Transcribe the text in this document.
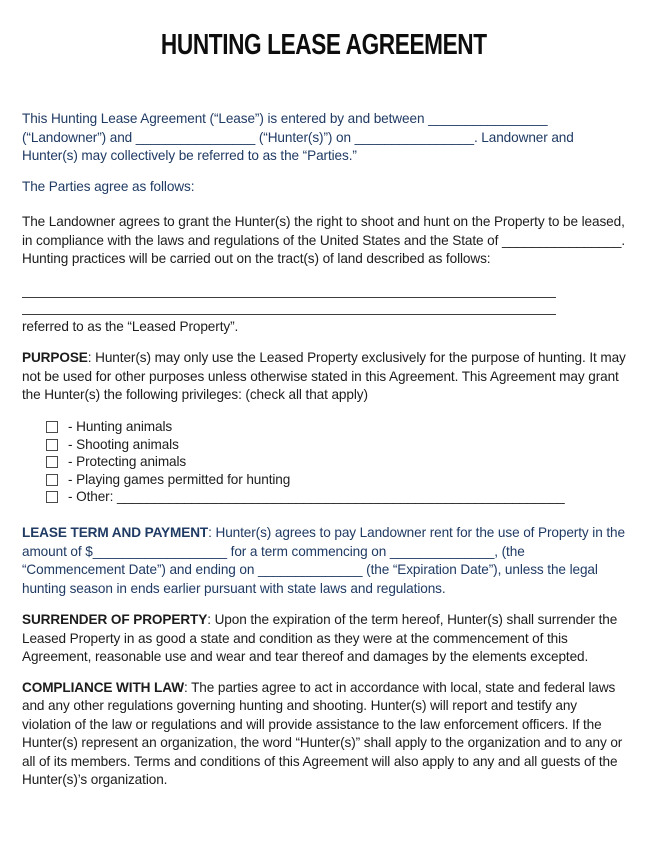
HUNTING LEASE AGREEMENT

This Hunting Lease Agreement (“Lease”) is entered by and between ________________ (“Landowner”) and ________________ (“Hunter(s)”) on ________________. Landowner and Hunter(s) may collectively be referred to as the “Parties.”

The Parties agree as follows:

The Landowner agrees to grant the Hunter(s) the right to shoot and hunt on the Property to be leased, in compliance with the laws and regulations of the United States and the State of ________________. Hunting practices will be carried out on the tract(s) of land described as follows:

referred to as the “Leased Property”.

PURPOSE: Hunter(s) may only use the Leased Property exclusively for the purpose of hunting. It may not be used for other purposes unless otherwise stated in this Agreement. This Agreement may grant the Hunter(s) the following privileges: (check all that apply)

- Hunting animals
- Shooting animals
- Protecting animals
- Playing games permitted for hunting
- Other: ____________________________________________________________

LEASE TERM AND PAYMENT: Hunter(s) agrees to pay Landowner rent for the use of Property in the amount of $__________________ for a term commencing on ______________, (the “Commencement Date”) and ending on ______________ (the “Expiration Date”), unless the legal hunting season in ends earlier pursuant with state laws and regulations.

SURRENDER OF PROPERTY: Upon the expiration of the term hereof, Hunter(s) shall surrender the Leased Property in as good a state and condition as they were at the commencement of this Agreement, reasonable use and wear and tear thereof and damages by the elements excepted.

COMPLIANCE WITH LAW: The parties agree to act in accordance with local, state and federal laws and any other regulations governing hunting and shooting. Hunter(s) will report and testify any violation of the law or regulations and will provide assistance to the law enforcement officers. If the Hunter(s) represent an organization, the word “Hunter(s)” shall apply to the organization and to any or all of its members. Terms and conditions of this Agreement will also apply to any and all guests of the Hunter(s)’s organization.
